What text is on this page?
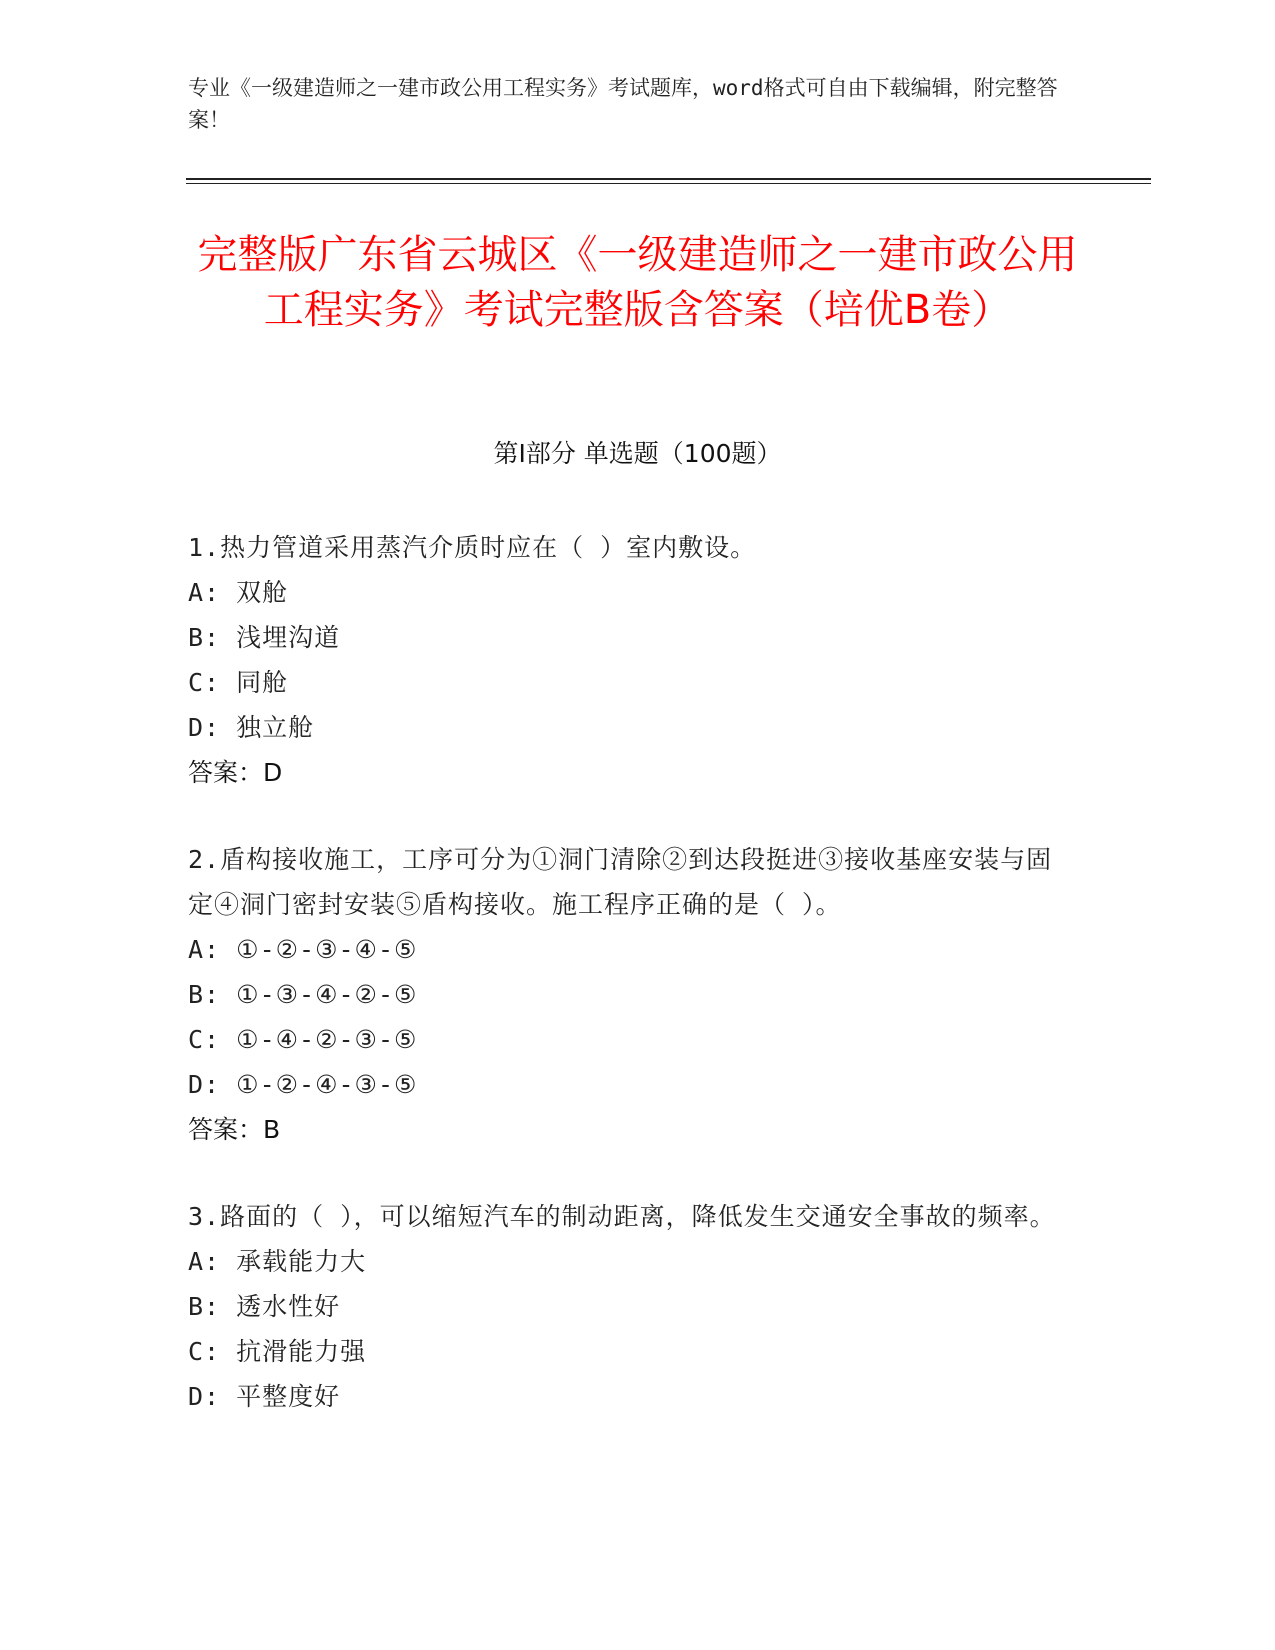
专业《一级建造师之一建市政公用工程实务》考试题库，word格式可自由下载编辑，附完整答案！
完整版广东省云城区《一级建造师之一建市政公用工程实务》考试完整版含答案（培优B卷）
第Ⅰ部分 单选题（100题）
1.热力管道采用蒸汽介质时应在（ ）室内敷设。
A: 双舱
B: 浅埋沟道
C: 同舱
D: 独立舱
答案：D
2.盾构接收施工，工序可分为①洞门清除②到达段挺进③接收基座安装与固定④洞门密封安装⑤盾构接收。施工程序正确的是（ ）。
A: ①-②-③-④-⑤
B: ①-③-④-②-⑤
C: ①-④-②-③-⑤
D: ①-②-④-③-⑤
答案：B
3.路面的（ ），可以缩短汽车的制动距离，降低发生交通安全事故的频率。
A: 承载能力大
B: 透水性好
C: 抗滑能力强
D: 平整度好
